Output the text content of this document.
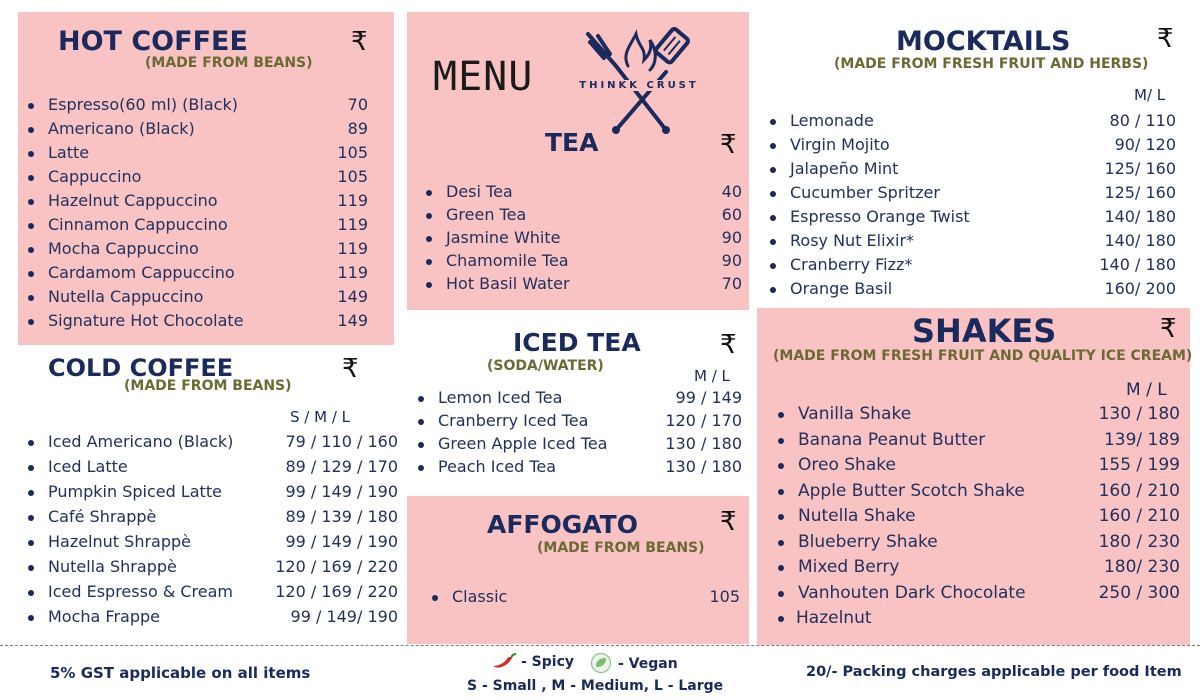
HOT COFFEE
(MADE FROM BEANS)
₹
Espresso(60 ml) (Black)	70
Americano (Black)	89
Latte	105
Cappuccino	105
Hazelnut Cappuccino	119
Cinnamon Cappuccino	119
Mocha Cappuccino	119
Cardamom Cappuccino	119
Nutella Cappuccino	149
Signature Hot Chocolate	149
COLD COFFEE
(MADE FROM BEANS)
₹
S / M / L
Iced Americano (Black)	79 / 110 / 160
Iced Latte	89 / 129 / 170
Pumpkin Spiced Latte	99 / 149 / 190
Café Shrappè	89 / 139 / 180
Hazelnut Shrappè	99 / 149 / 190
Nutella Shrappè	120 / 169 / 220
Iced Espresso & Cream	120 / 169 / 220
Mocha Frappe	99 / 149/ 190
MENU	THINKK CRUST
TEA	₹
Desi Tea	40
Green Tea	60
Jasmine White	90
Chamomile Tea	90
Hot Basil Water	70
ICED TEA
(SODA/WATER)
₹
M / L
Lemon Iced Tea	99 / 149
Cranberry Iced Tea	120 / 170
Green Apple Iced Tea	130 / 180
Peach Iced Tea	130 / 180
AFFOGATO
(MADE FROM BEANS)
₹
Classic	105
MOCKTAILS
(MADE FROM FRESH FRUIT AND HERBS)
₹
M/ L
Lemonade	80 / 110
Virgin Mojito	90/ 120
Jalapeño Mint	125/ 160
Cucumber Spritzer	125/ 160
Espresso Orange Twist	140/ 180
Rosy Nut Elixir*	140/ 180
Cranberry Fizz*	140 / 180
Orange Basil	160/ 200
SHAKES
(MADE FROM FRESH FRUIT AND QUALITY ICE CREAM)
₹
M / L
Vanilla Shake	130 / 180
Banana Peanut Butter	139/ 189
Oreo Shake	155 / 199
Apple Butter Scotch Shake	160 / 210
Nutella Shake	160 / 210
Blueberry Shake	180 / 230
Mixed Berry	180/ 230
Vanhouten Dark Chocolate	250 / 300
Hazelnut
5% GST applicable on all items
- Spicy	- Vegan
S - Small , M - Medium, L - Large
20/- Packing charges applicable per food Item
